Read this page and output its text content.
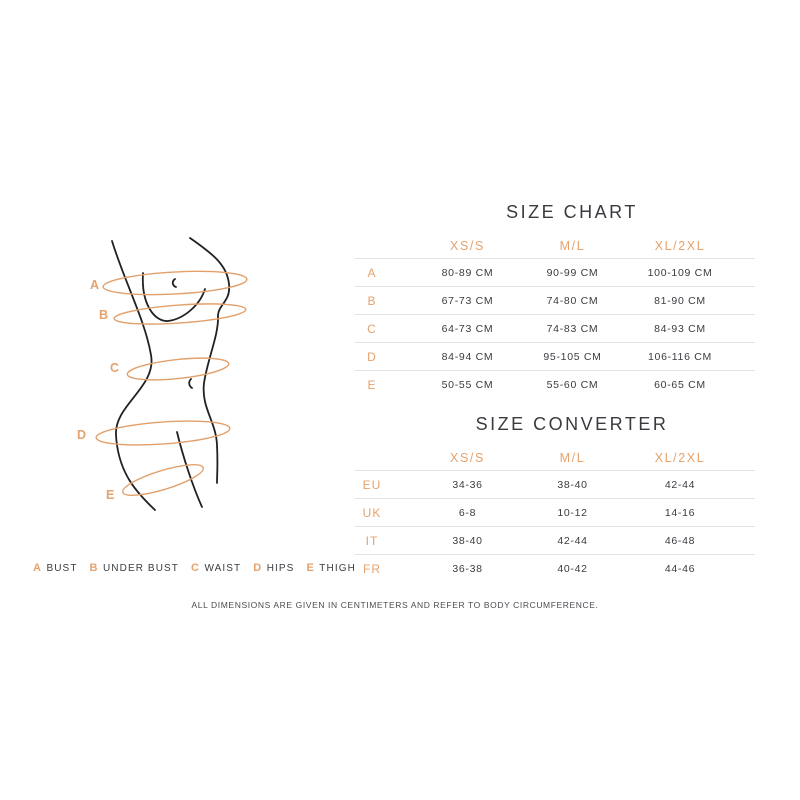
A
B
C
D
E
A BUST B UNDER BUST C WAIST D HIPS E THIGH
SIZE CHART
XS/S	M/L	XL/2XL
A	80-89 CM	90-99 CM	100-109 CM
B	67-73 CM	74-80 CM	81-90 CM
C	64-73 CM	74-83 CM	84-93 CM
D	84-94 CM	95-105 CM	106-116 CM
E	50-55 CM	55-60 CM	60-65 CM
SIZE CONVERTER
XS/S	M/L	XL/2XL
EU	34-36	38-40	42-44
UK	6-8	10-12	14-16
IT	38-40	42-44	46-48
FR	36-38	40-42	44-46
ALL DIMENSIONS ARE GIVEN IN CENTIMETERS AND REFER TO BODY CIRCUMFERENCE.
